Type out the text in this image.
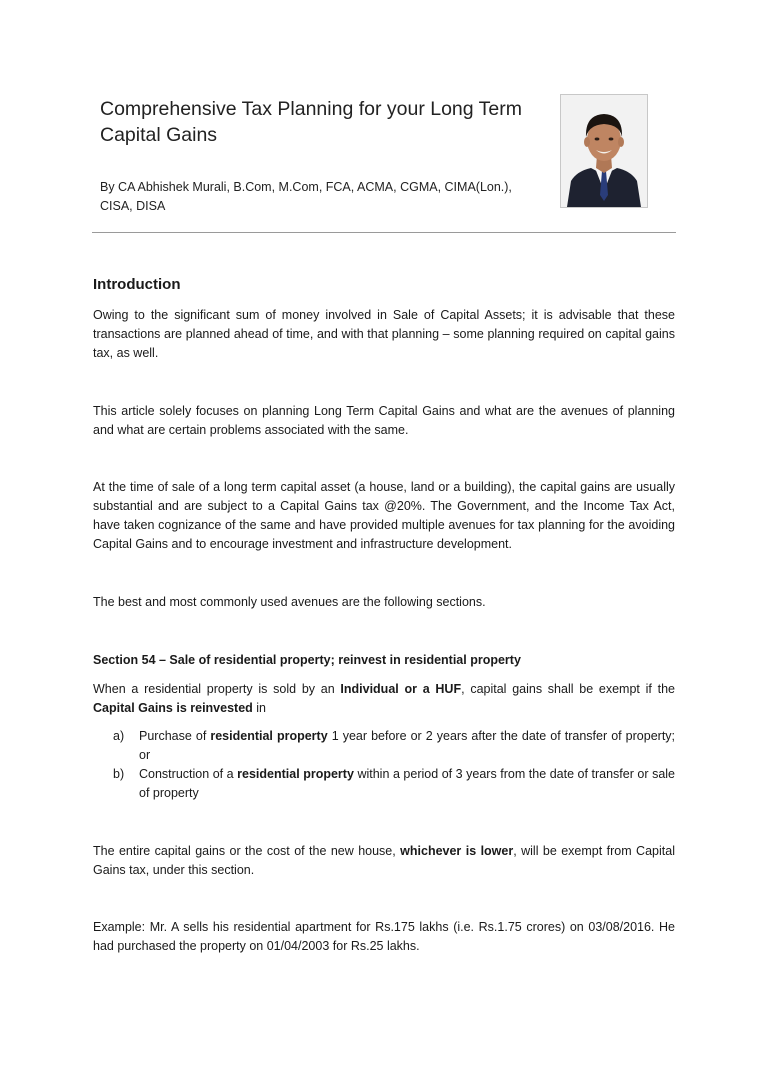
Comprehensive Tax Planning for your Long Term Capital Gains
By CA Abhishek Murali, B.Com, M.Com, FCA, ACMA, CGMA, CIMA(Lon.), CISA, DISA
Introduction

Owing to the significant sum of money involved in Sale of Capital Assets; it is advisable that these transactions are planned ahead of time, and with that planning – some planning required on capital gains tax, as well.

This article solely focuses on planning Long Term Capital Gains and what are the avenues of planning and what are certain problems associated with the same.

At the time of sale of a long term capital asset (a house, land or a building), the capital gains are usually substantial and are subject to a Capital Gains tax @20%. The Government, and the Income Tax Act, have taken cognizance of the same and have provided multiple avenues for tax planning for the avoiding Capital Gains and to encourage investment and infrastructure development.

The best and most commonly used avenues are the following sections.

Section 54 – Sale of residential property; reinvest in residential property

When a residential property is sold by an Individual or a HUF, capital gains shall be exempt if the Capital Gains is reinvested in

a) Purchase of residential property 1 year before or 2 years after the date of transfer of property; or
b) Construction of a residential property within a period of 3 years from the date of transfer or sale of property

The entire capital gains or the cost of the new house, whichever is lower, will be exempt from Capital Gains tax, under this section.

Example: Mr. A sells his residential apartment for Rs.175 lakhs (i.e. Rs.1.75 crores) on 03/08/2016. He had purchased the property on 01/04/2003 for Rs.25 lakhs.
